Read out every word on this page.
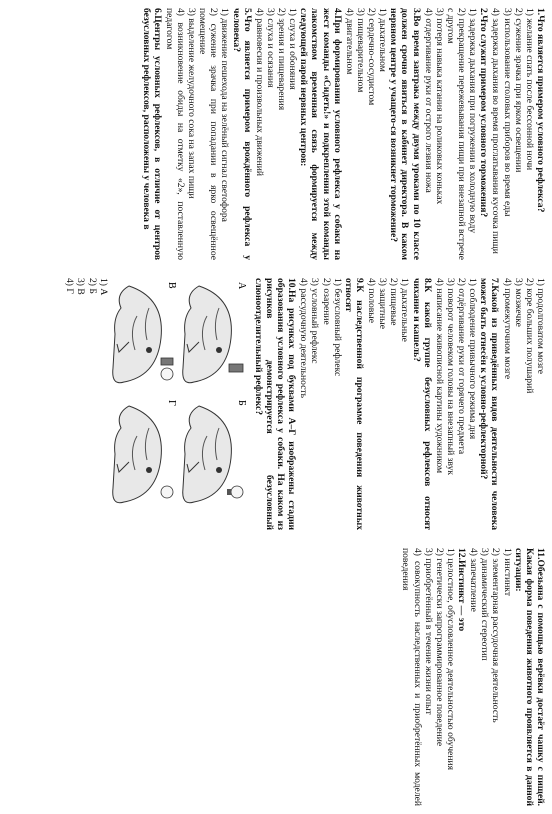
1.Что является примером условного рефлекса?
1) желание спать после бессонной ночи
2) сужение зрачка при ярком освещении
3) использование столовых приборов во время еды
4) задержка дыхания во время проглатывания кусочка пищи
2.Что служит примером условного торможения?
1) задержка дыхания при погружении в холодную воду
2) прекращение пережевывания пищи при внезапной встрече с другом
3) потеря навыка катания на роликовых коньках
4) отдергивание руки от острого лезвия ножа
3.Во время завтрака между двумя уроками по 10 классе должен срочно явиться в кабинет директора. В каком нервном центре у учащего-ся возникнет торможение?
1) дыхательном
2) сердечно-сосудистом
3) пищеварительном
4) двигательном
4.При формировании условного рефлекса у собаки на жест команды «Сидеть!» и подкреплении этой команды лакомством временная связь формируется между следующей парой нервных центров:
1) слуха и обоняния
2) зрения и пищеварения
3) слуха и осязания
4) равновесия и произвольных движений
5.Что является примером врождённого рефлекса у человека?
1) движение пешехода на зелёный сигнал светофора
2) сужение зрачка при попадании в ярко освещённое помещение
3) выделение желудочного сока на запах пищи
4) возникновение обиды на отметку «2», поставленную педагогом
6.Центры условных рефлексов, в отличие от центров безусловных рефлексов, расположены у человека в
1) продолговатом мозге
2) коре больших полушарий
3) мозжечке
4) промежуточном мозге
7.Какой из приведённых видов деятельности человека может быть отнесён к условно-рефлекторной?
1) соблюдение привычного режима дня
2) отдёргивание руки от горячего предмета
3) поворот человеком головы на внезапный звук
4) написание живописной картины художником
8.К какой группе безусловных рефлексов относят чихание и кашель?
1) дыхательные
2) пищевые
3) защитные
4) половые
9.К наследственной программе поведения животных относят
1) безусловный рефлекс
2) озарение
3) условный рефлекс
4) рассудочную деятельность
10.На рисунках под буквами А–Г изображены стадии образования условного рефлекса у собаки. На каком из рисунков демонстрируется безусловный слюноотделительный рефлекс?
А
Б
В
Г
1) А
2) Б
3) В
4) Г
11.Обезьяна с помощью верёвки достаёт чашку с пищей. Какая форма поведения животного проявляется в данной ситуации:
1) инстинкт
2) элементарная рассудочная деятельность
3) динамический стереотип
4) запечатление
12.Инстинкт — это
1) целостное, обусловленное деятельностью обучения
2) генетически запрограммированное поведение
3) приобретённый в течение жизни опыт
4) совокупность наследственных и приобретённых моделей поведения
